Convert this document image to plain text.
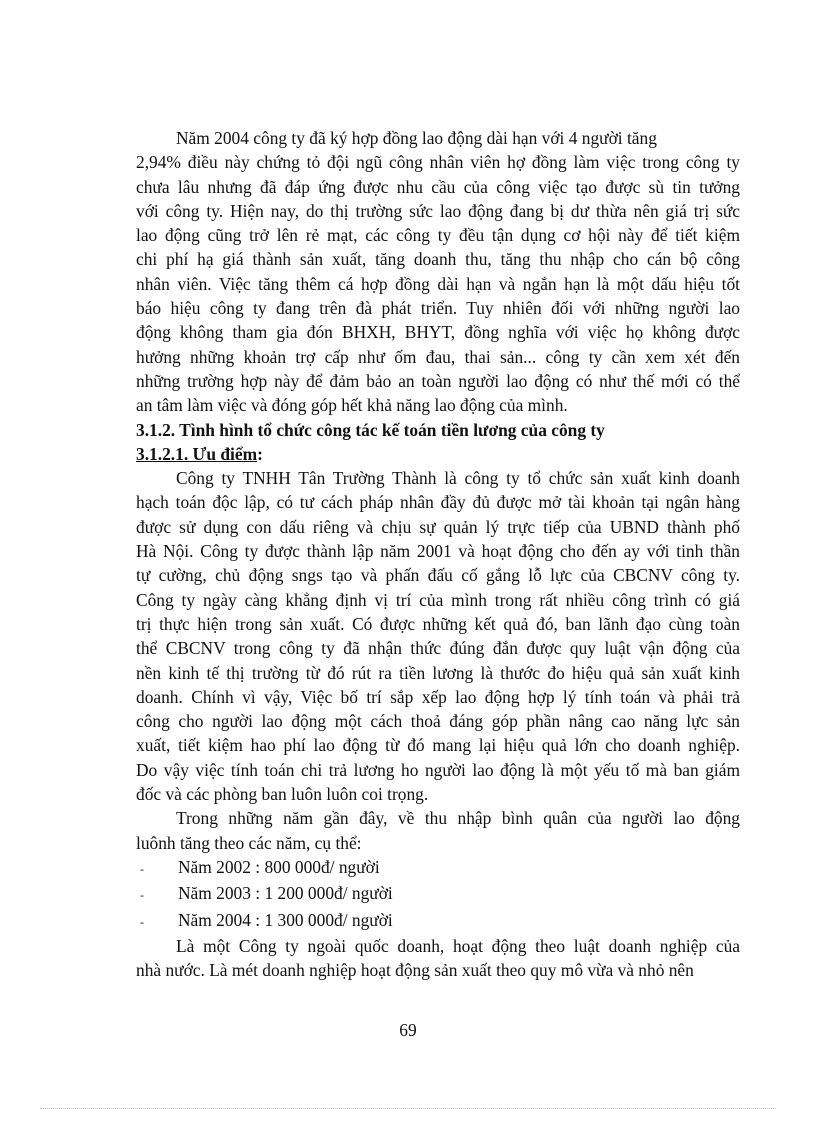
Năm 2004 công ty đã ký hợp đồng lao động dài hạn với 4 người tăng
2,94% điều này chứng tỏ đội ngũ công nhân viên hợ đồng làm việc trong công ty
chưa lâu nhưng đã đáp ứng được nhu cầu của công việc tạo được sù tin tưởng
với công ty. Hiện nay, do thị trường sức lao động đang bị dư thừa nên giá trị sức
lao động cũng trở lên rẻ mạt, các công ty đều tận dụng cơ hội này để tiết kiệm
chi phí hạ giá thành sản xuất, tăng doanh thu, tăng thu nhập cho cán bộ công
nhân viên. Việc tăng thêm cá hợp đồng dài hạn và ngắn hạn là một dấu hiệu tốt
báo hiệu công ty đang trên đà phát triển. Tuy nhiên đối với những người lao
động không tham gia đón BHXH, BHYT, đồng nghĩa với việc họ không được
hưởng những khoản trợ cấp như ốm đau, thai sản... công ty cần xem xét đến
những trường hợp này để đảm bảo an toàn người lao động có như thế mới có thể
an tâm làm việc và đóng góp hết khả năng lao động của mình.
3.1.2. Tình hình tổ chức công tác kế toán tiền lương của công ty
3.1.2.1. Ưu điểm:
Công ty TNHH Tân Trường Thành là công ty tổ chức sản xuất kinh doanh
hạch toán độc lập, có tư cách pháp nhân đầy đủ được mở tài khoản tại ngân hàng
được sử dụng con dấu riêng và chịu sự quản lý trực tiếp của UBND thành phố
Hà Nội. Công ty được thành lập năm 2001 và hoạt động cho đến ay với tinh thần
tự cường, chủ động sngs tạo và phấn đấu cố gắng lỗ lực của CBCNV công ty.
Công ty ngày càng khẳng định vị trí của mình trong rất nhiều công trình có giá
trị thực hiện trong sản xuất. Có được những kết quả đó, ban lãnh đạo cùng toàn
thể CBCNV trong công ty đã nhận thức đúng đắn được quy luật vận động của
nền kinh tế thị trường từ đó rút ra tiền lương là thước đo hiệu quả sản xuất kinh
doanh. Chính vì vậy, Việc bố trí sắp xếp lao động hợp lý tính toán và phải trả
công cho người lao động một cách thoả đáng góp phần nâng cao năng lực sản
xuất, tiết kiệm hao phí lao động từ đó mang lại hiệu quả lớn cho doanh nghiệp.
Do vậy việc tính toán chi trả lương ho người lao động là một yếu tố mà ban giám
đốc và các phòng ban luôn luôn coi trọng.
Trong những năm gần đây, về thu nhập bình quân của người lao động
luônh tăng theo các năm, cụ thể:
-	Năm 2002 : 800 000đ/ người
-	Năm 2003 : 1 200 000đ/ người
-	Năm 2004 : 1 300 000đ/ người
Là một Công ty ngoài quốc doanh, hoạt động theo luật doanh nghiệp của
nhà nước. Là mét doanh nghiệp hoạt động sản xuất theo quy mô vừa và nhỏ nên
69
